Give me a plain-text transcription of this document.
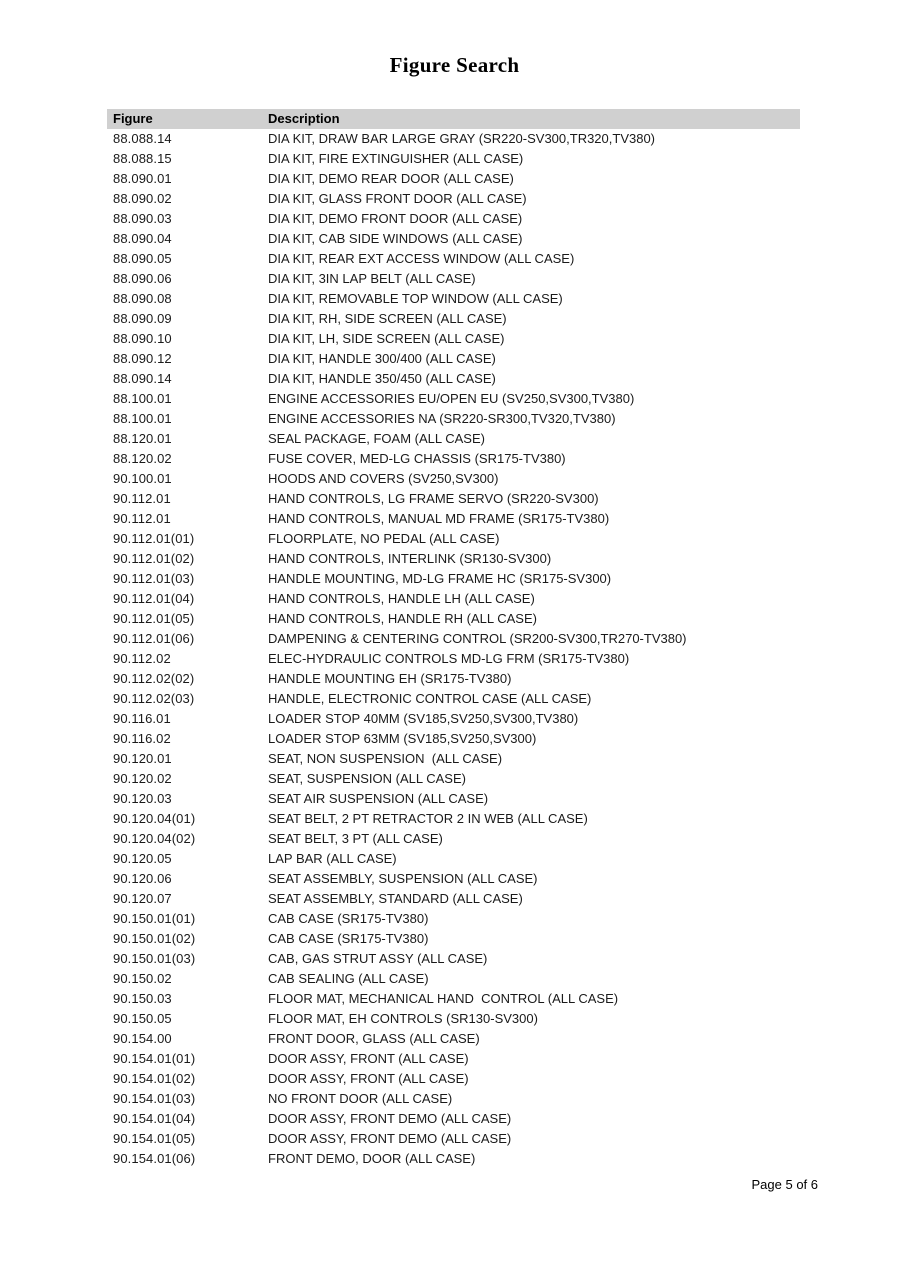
Figure Search
Figure	Description
88.088.14	DIA KIT, DRAW BAR LARGE GRAY (SR220-SV300,TR320,TV380)
88.088.15	DIA KIT, FIRE EXTINGUISHER (ALL CASE)
88.090.01	DIA KIT, DEMO REAR DOOR (ALL CASE)
88.090.02	DIA KIT, GLASS FRONT DOOR (ALL CASE)
88.090.03	DIA KIT, DEMO FRONT DOOR (ALL CASE)
88.090.04	DIA KIT, CAB SIDE WINDOWS (ALL CASE)
88.090.05	DIA KIT, REAR EXT ACCESS WINDOW (ALL CASE)
88.090.06	DIA KIT, 3IN LAP BELT (ALL CASE)
88.090.08	DIA KIT, REMOVABLE TOP WINDOW (ALL CASE)
88.090.09	DIA KIT, RH, SIDE SCREEN (ALL CASE)
88.090.10	DIA KIT, LH, SIDE SCREEN (ALL CASE)
88.090.12	DIA KIT, HANDLE 300/400 (ALL CASE)
88.090.14	DIA KIT, HANDLE 350/450 (ALL CASE)
88.100.01	ENGINE ACCESSORIES EU/OPEN EU (SV250,SV300,TV380)
88.100.01	ENGINE ACCESSORIES NA (SR220-SR300,TV320,TV380)
88.120.01	SEAL PACKAGE, FOAM (ALL CASE)
88.120.02	FUSE COVER, MED-LG CHASSIS (SR175-TV380)
90.100.01	HOODS AND COVERS (SV250,SV300)
90.112.01	HAND CONTROLS, LG FRAME SERVO (SR220-SV300)
90.112.01	HAND CONTROLS, MANUAL MD FRAME (SR175-TV380)
90.112.01(01)	FLOORPLATE, NO PEDAL (ALL CASE)
90.112.01(02)	HAND CONTROLS, INTERLINK (SR130-SV300)
90.112.01(03)	HANDLE MOUNTING, MD-LG FRAME HC (SR175-SV300)
90.112.01(04)	HAND CONTROLS, HANDLE LH (ALL CASE)
90.112.01(05)	HAND CONTROLS, HANDLE RH (ALL CASE)
90.112.01(06)	DAMPENING & CENTERING CONTROL (SR200-SV300,TR270-TV380)
90.112.02	ELEC-HYDRAULIC CONTROLS MD-LG FRM (SR175-TV380)
90.112.02(02)	HANDLE MOUNTING EH (SR175-TV380)
90.112.02(03)	HANDLE, ELECTRONIC CONTROL CASE (ALL CASE)
90.116.01	LOADER STOP 40MM (SV185,SV250,SV300,TV380)
90.116.02	LOADER STOP 63MM (SV185,SV250,SV300)
90.120.01	SEAT, NON SUSPENSION  (ALL CASE)
90.120.02	SEAT, SUSPENSION (ALL CASE)
90.120.03	SEAT AIR SUSPENSION (ALL CASE)
90.120.04(01)	SEAT BELT, 2 PT RETRACTOR 2 IN WEB (ALL CASE)
90.120.04(02)	SEAT BELT, 3 PT (ALL CASE)
90.120.05	LAP BAR (ALL CASE)
90.120.06	SEAT ASSEMBLY, SUSPENSION (ALL CASE)
90.120.07	SEAT ASSEMBLY, STANDARD (ALL CASE)
90.150.01(01)	CAB CASE (SR175-TV380)
90.150.01(02)	CAB CASE (SR175-TV380)
90.150.01(03)	CAB, GAS STRUT ASSY (ALL CASE)
90.150.02	CAB SEALING (ALL CASE)
90.150.03	FLOOR MAT, MECHANICAL HAND  CONTROL (ALL CASE)
90.150.05	FLOOR MAT, EH CONTROLS (SR130-SV300)
90.154.00	FRONT DOOR, GLASS (ALL CASE)
90.154.01(01)	DOOR ASSY, FRONT (ALL CASE)
90.154.01(02)	DOOR ASSY, FRONT (ALL CASE)
90.154.01(03)	NO FRONT DOOR (ALL CASE)
90.154.01(04)	DOOR ASSY, FRONT DEMO (ALL CASE)
90.154.01(05)	DOOR ASSY, FRONT DEMO (ALL CASE)
90.154.01(06)	FRONT DEMO, DOOR (ALL CASE)
Page 5 of 6
